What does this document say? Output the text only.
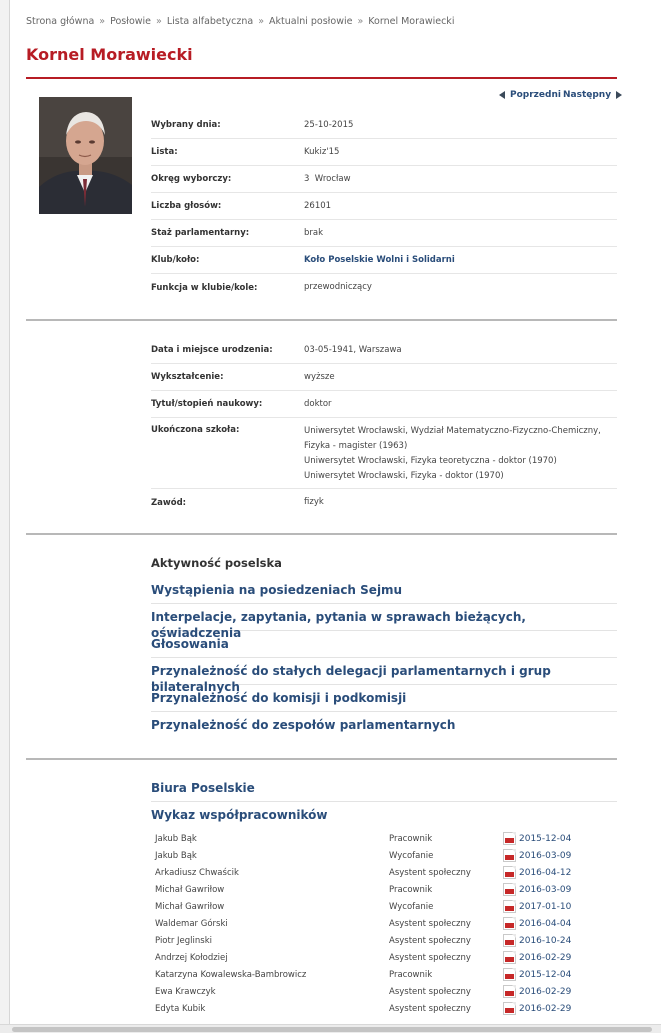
Strona główna » Posłowie » Lista alfabetyczna » Aktualni posłowie » Kornel Morawiecki
Kornel Morawiecki
Poprzedni Następny
Wybrany dnia:	25-10-2015
Lista:	Kukiz'15
Okręg wyborczy:	3  Wrocław
Liczba głosów:	26101
Staż parlamentarny:	brak
Klub/koło:	Koło Poselskie Wolni i Solidarni
Funkcja w klubie/kole:	przewodniczący
Data i miejsce urodzenia:	03-05-1941, Warszawa
Wykształcenie:	wyższe
Tytuł/stopień naukowy:	doktor
Ukończona szkoła:	Uniwersytet Wrocławski, Wydział Matematyczno-Fizyczno-Chemiczny,
Fizyka - magister (1963)
Uniwersytet Wrocławski, Fizyka teoretyczna - doktor (1970)
Uniwersytet Wrocławski, Fizyka - doktor (1970)
Zawód:	fizyk
Aktywność poselska
Wystąpienia na posiedzeniach Sejmu
Interpelacje, zapytania, pytania w sprawach bieżących, oświadczenia
Głosowania
Przynależność do stałych delegacji parlamentarnych i grup bilateralnych
Przynależność do komisji i podkomisji
Przynależność do zespołów parlamentarnych
Biura Poselskie
Wykaz współpracowników
Jakub Bąk	Pracownik	2015-12-04
Jakub Bąk	Wycofanie	2016-03-09
Arkadiusz Chwaścik	Asystent społeczny	2016-04-12
Michał Gawriłow	Pracownik	2016-03-09
Michał Gawriłow	Wycofanie	2017-01-10
Waldemar Górski	Asystent społeczny	2016-04-04
Piotr Jeglinski	Asystent społeczny	2016-10-24
Andrzej Kołodziej	Asystent społeczny	2016-02-29
Katarzyna Kowalewska-Bambrowicz	Pracownik	2015-12-04
Ewa Krawczyk	Asystent społeczny	2016-02-29
Edyta Kubik	Asystent społeczny	2016-02-29
